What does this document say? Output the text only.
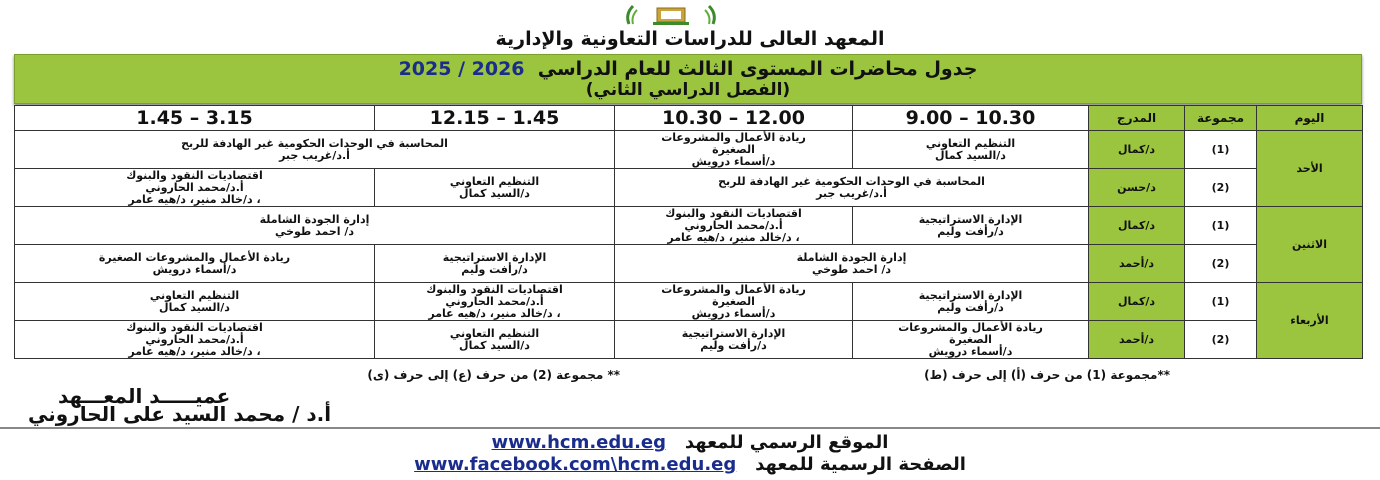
المعهد العالى للدراسات التعاونية والإدارية
جدول محاضرات المستوى الثالث للعام الدراسي  2025 / 2026
(الفصل الدراسي الثاني)
اليوم	مجموعة	المدرج	9.00 – 10.30	10.30 – 12.00	12.15 – 1.45	1.45 – 3.15
الأحد	(1)	د/كمال	التنظيم التعاوني
د/السيد كمال	ريادة الأعمال والمشروعات
الصغيرة
د/أسماء درويش	المحاسبة في الوحدات الحكومية غير الهادفة للربح
أ.د/غريب جبر	

	(2)	د/حسن	المحاسبة في الوحدات الحكومية غير الهادفة للربح
أ.د/غريب جبر		التنظيم التعاوني
د/السيد كمال	اقتصاديات النقود والبنوك
أ.د/محمد الحاروني
، د/خالد منير، د/هيه عامر

الاثنين	(1)	د/كمال	الإدارة الاستراتيجية
د/رأفت وليم	اقتصاديات النقود والبنوك
أ.د/محمد الحاروني
، د/خالد منير، د/هيه عامر	إدارة الجودة الشاملة
د/ احمد طوخي	

	(2)	د/أحمد	إدارة الجودة الشاملة
د/ احمد طوخي		الإدارة الاستراتيجية
د/رأفت وليم	ريادة الأعمال والمشروعات الصغيرة
د/أسماء درويش

الأربعاء	(1)	د/كمال	الإدارة الاستراتيجية
د/رأفت وليم	ريادة الأعمال والمشروعات
الصغيرة
د/أسماء درويش	اقتصاديات النقود والبنوك
أ.د/محمد الحاروني
، د/خالد منير، د/هيه عامر	التنظيم التعاوني
د/السيد كمال

	(2)	د/أحمد	ريادة الأعمال والمشروعات
الصغيرة
د/أسماء درويش	الإدارة الاستراتيجية
د/رأفت وليم	التنظيم التعاوني
د/السيد كمال	اقتصاديات النقود والبنوك
أ.د/محمد الحاروني
، د/خالد منير، د/هيه عامر
**مجموعة (1) من حرف (أ) إلى حرف (ط)
** مجموعة (2) من حرف (ع) إلى حرف (ى)
عميـــــد المعـــهد
أ.د / محمد السيد على الحاروني
الموقع الرسمي للمعهد   www.hcm.edu.eg
الصفحة الرسمية للمعهد   www.facebook.com\hcm.edu.eg
